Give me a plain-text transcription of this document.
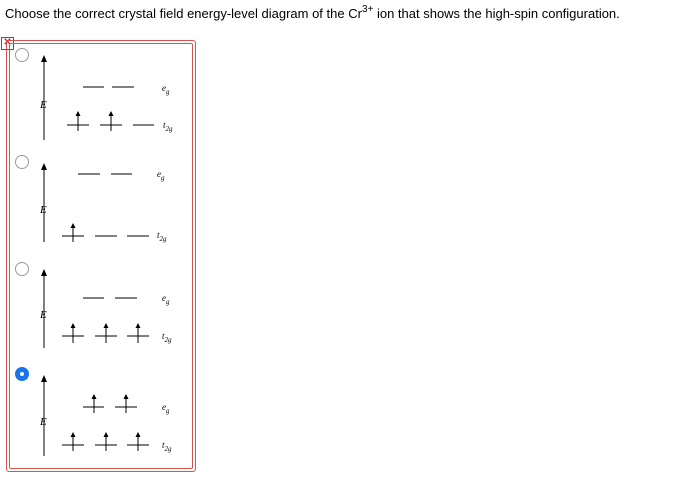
Choose the correct crystal field energy-level diagram of the $Cr^{3+}$ ion that shows the high-spin configuration.
✕
E
$e_g$
$t_{2g}$
E
$e_g$
$t_{2g}$
E
$e_g$
$t_{2g}$
E
$e_g$
$t_{2g}$
